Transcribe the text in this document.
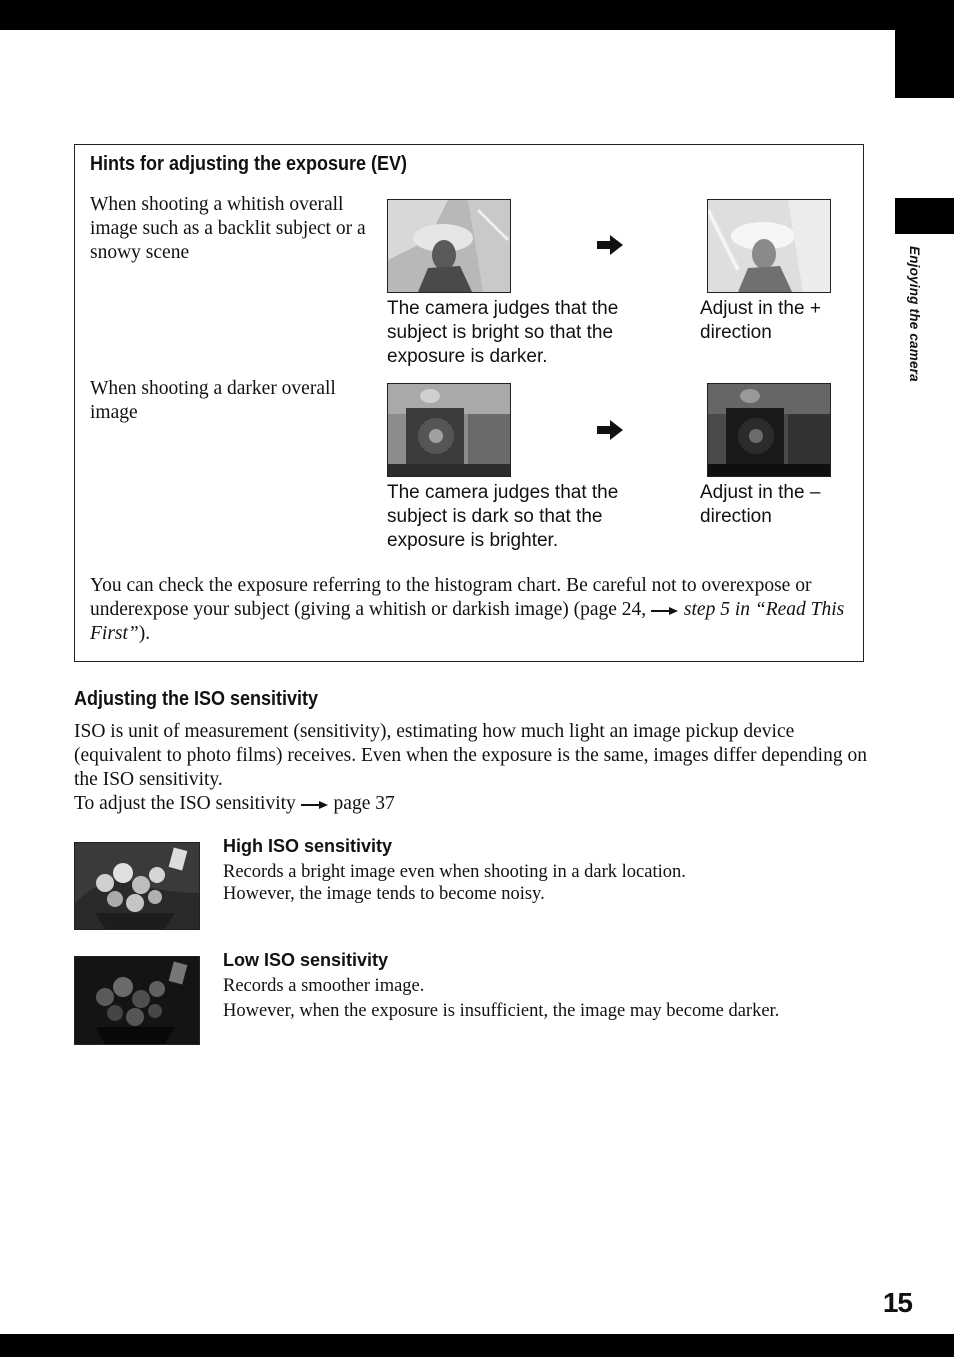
Enjoying the camera
Hints for adjusting the exposure (EV)
When shooting a whitish overall image such as a backlit subject or a snowy scene
The camera judges that the subject is bright so that the exposure is darker.
Adjust in the + direction
When shooting a darker overall image
The camera judges that the subject is dark so that the exposure is brighter.
Adjust in the – direction
You can check the exposure referring to the histogram chart. Be careful not to overexpose or underexpose your subject (giving a whitish or darkish image) (page 24,  step 5 in “Read This First”).
Adjusting the ISO sensitivity
ISO is unit of measurement (sensitivity), estimating how much light an image pickup device (equivalent to photo films) receives. Even when the exposure is the same, images differ depending on the ISO sensitivity.
To adjust the ISO sensitivity page 37
High ISO sensitivity
Records a bright image even when shooting in a dark location.
However, the image tends to become noisy.
Low ISO sensitivity
Records a smoother image.
However, when the exposure is insufficient, the image may become darker.
15
